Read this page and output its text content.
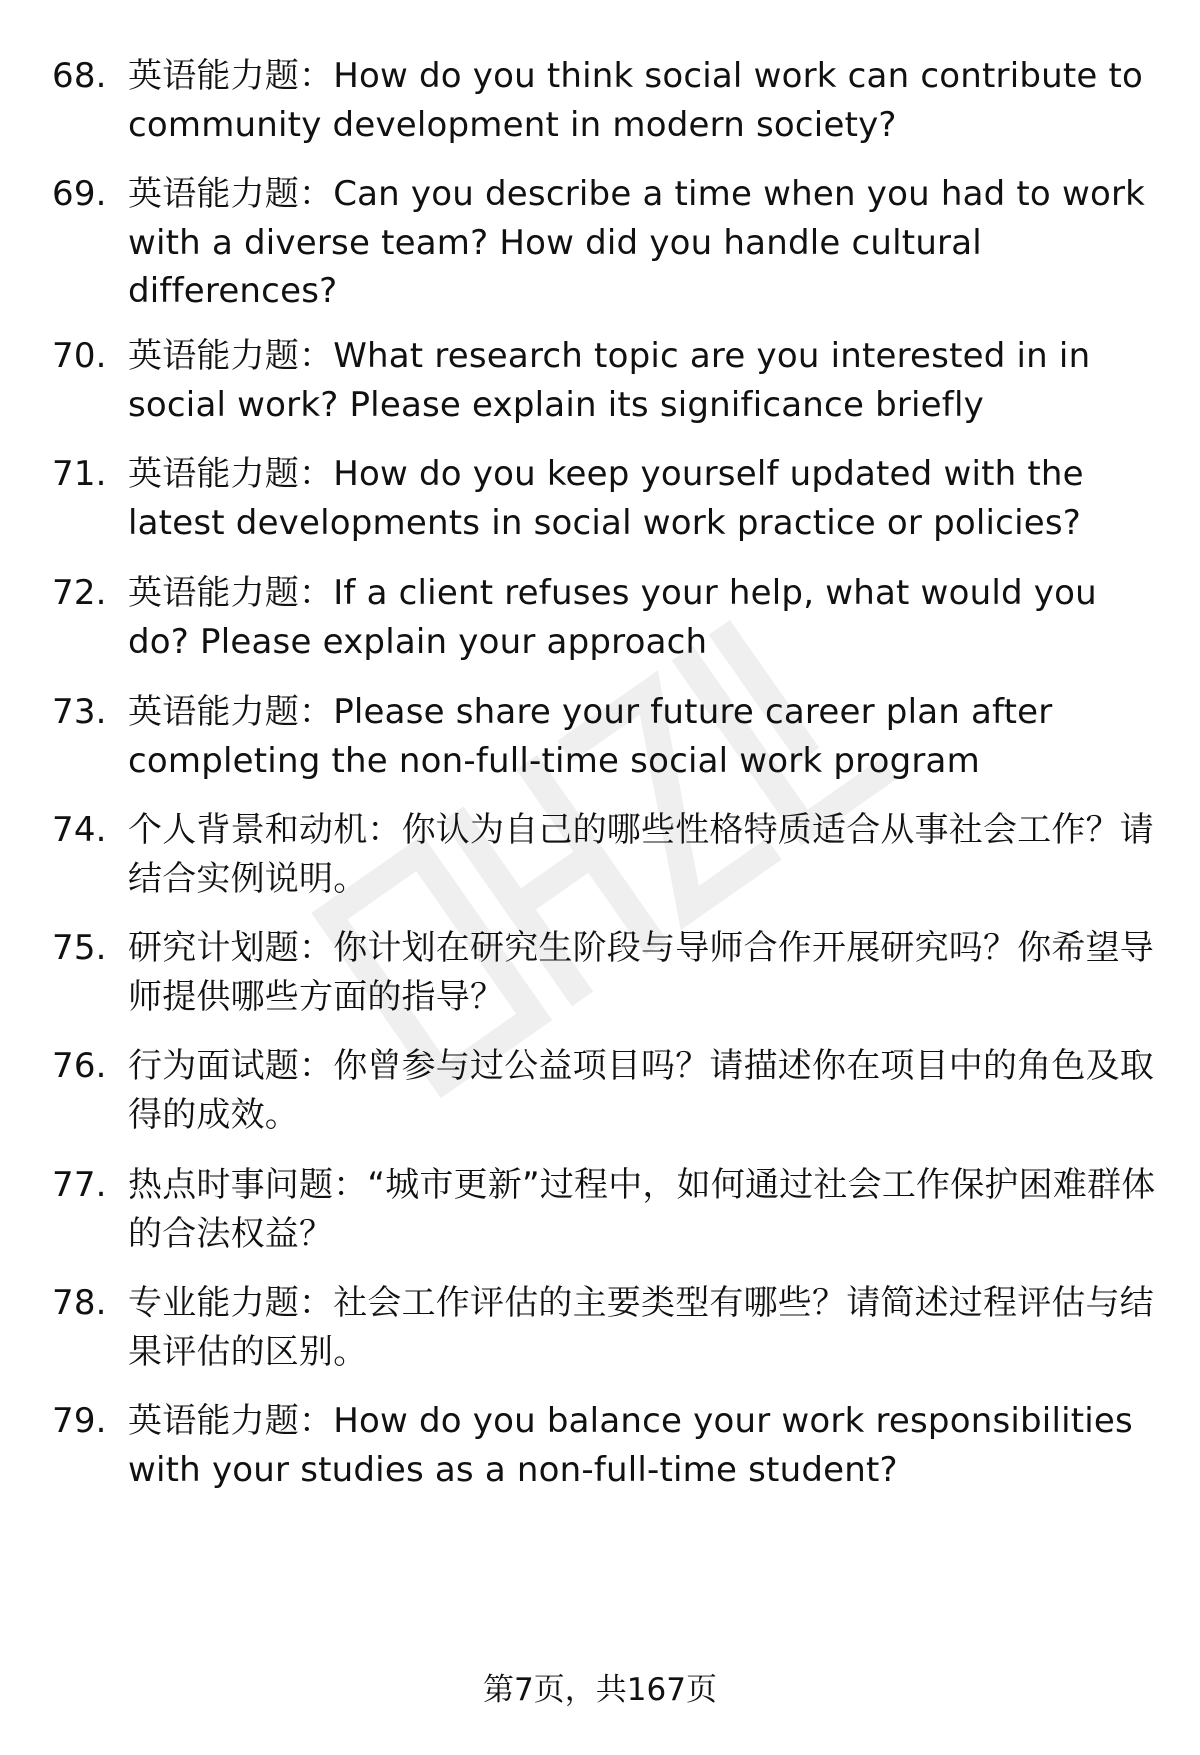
68. 英语能力题：How do you think social work can contribute to community development in modern society?
69. 英语能力题：Can you describe a time when you had to work with a diverse team? How did you handle cultural differences?
70. 英语能力题：What research topic are you interested in in social work? Please explain its significance briefly
71. 英语能力题：How do you keep yourself updated with the latest developments in social work practice or policies?
72. 英语能力题：If a client refuses your help, what would you do? Please explain your approach
73. 英语能力题：Please share your future career plan after completing the non-full-time social work program
74. 个人背景和动机：你认为自己的哪些性格特质适合从事社会工作？请结合实例说明。
75. 研究计划题：你计划在研究生阶段与导师合作开展研究吗？你希望导师提供哪些方面的指导？
76. 行为面试题：你曾参与过公益项目吗？请描述你在项目中的角色及取得的成效。
77. 热点时事问题：“城市更新”过程中，如何通过社会工作保护困难群体的合法权益？
78. 专业能力题：社会工作评估的主要类型有哪些？请简述过程评估与结果评估的区别。
79. 英语能力题：How do you balance your work responsibilities with your studies as a non-full-time student?
第7页，共167页
